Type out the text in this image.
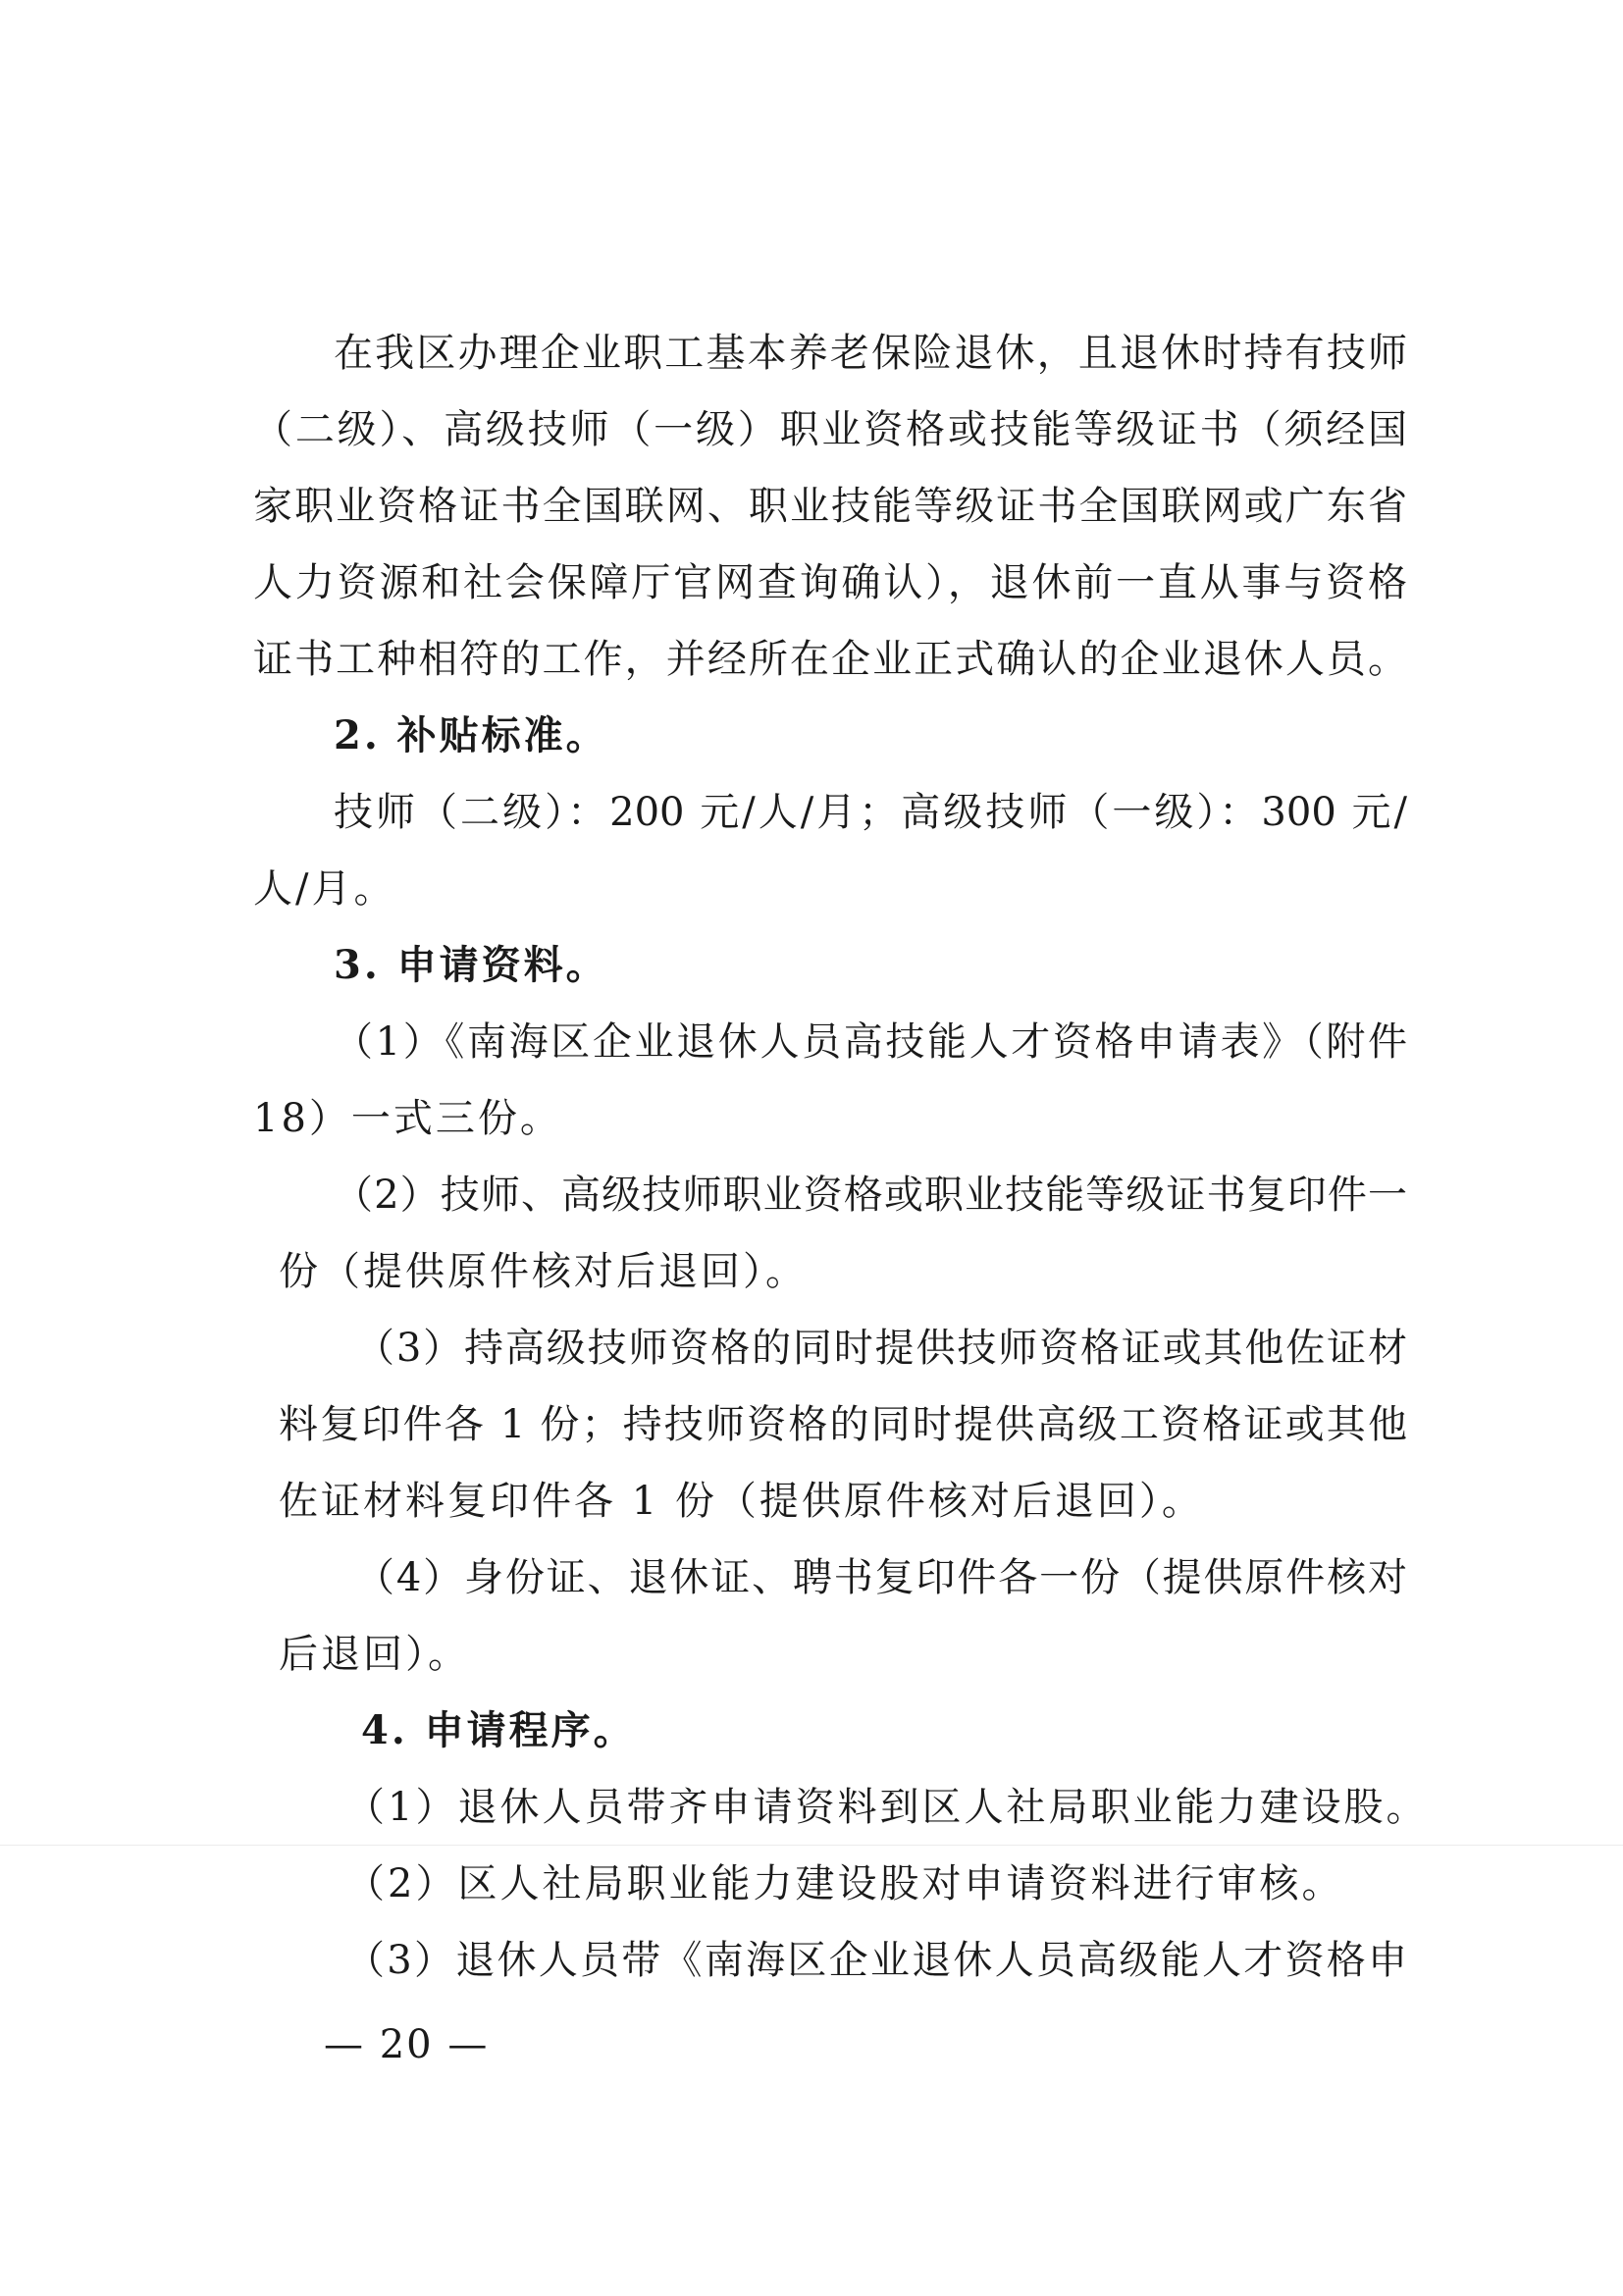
在我区办理企业职工基本养老保险退休，且退休时持有技师
（二级）、高级技师（一级）职业资格或技能等级证书（须经国
家职业资格证书全国联网、职业技能等级证书全国联网或广东省
人力资源和社会保障厅官网查询确认），退休前一直从事与资格
证书工种相符的工作，并经所在企业正式确认的企业退休人员。
2. 补贴标准。
技师（二级）：200 元/人/月；高级技师（一级）：300 元/
人/月。
3. 申请资料。
（1）《南海区企业退休人员高技能人才资格申请表》（附件
18）一式三份。
（2）技师、高级技师职业资格或职业技能等级证书复印件一
份（提供原件核对后退回）。
（3）持高级技师资格的同时提供技师资格证或其他佐证材
料复印件各 1 份；持技师资格的同时提供高级工资格证或其他
佐证材料复印件各 1 份（提供原件核对后退回）。
（4）身份证、退休证、聘书复印件各一份（提供原件核对
后退回）。
4. 申请程序。
（1）退休人员带齐申请资料到区人社局职业能力建设股。
（2）区人社局职业能力建设股对申请资料进行审核。
（3）退休人员带《南海区企业退休人员高级能人才资格申
— 20 —
